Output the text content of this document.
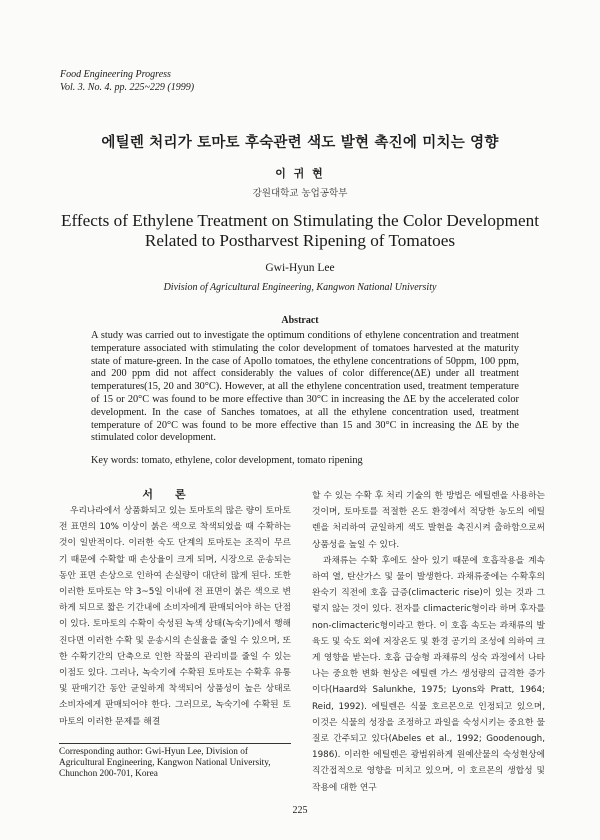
Food Engineering Progress
Vol. 3. No. 4. pp. 225~229 (1999)
에틸렌 처리가 토마토 후숙관련 색도 발현 촉진에 미치는 영향
이 귀 현
강원대학교 농업공학부
Effects of Ethylene Treatment on Stimulating the Color Development
Related to Postharvest Ripening of Tomatoes
Gwi-Hyun Lee
Division of Agricultural Engineering, Kangwon National University
Abstract
A study was carried out to investigate the optimum conditions of ethylene concentration and treatment temperature associated with stimulating the color development of tomatoes harvested at the maturity state of mature-green. In the case of Apollo tomatoes, the ethylene concentrations of 50ppm, 100 ppm, and 200 ppm did not affect considerably the values of color difference(ΔE) under all treatment temperatures(15, 20 and 30°C). However, at all the ethylene concentration used, treatment temperature of 15 or 20°C was found to be more effective than 30°C in increasing the ΔE by the accelerated color development. In the case of Sanches tomatoes, at all the ethylene concentration used, treatment temperature of 20°C was found to be more effective than 15 and 30°C in increasing the ΔE by the stimulated color development.
Key words: tomato, ethylene, color development, tomato ripening
서론

우리나라에서 상품화되고 있는 토마토의 많은 량이 토마토 전 표면의 10% 이상이 붉은 색으로 착색되었을 때 수확하는 것이 일반적이다. 이러한 숙도 단계의 토마토는 조직이 무르기 때문에 수확할 때 손상율이 크게 되며, 시장으로 운송되는 동안 표면 손상으로 인하여 손실량이 대단히 많게 된다. 또한 이러한 토마토는 약 3~5일 이내에 전 표면이 붉은 색으로 변하게 되므로 짧은 기간내에 소비자에게 판매되어야 하는 단점이 있다. 토마토의 수확이 숙성된 녹색 상태(녹숙기)에서 행해진다면 이러한 수확 및 운송시의 손실율을 줄일 수 있으며, 또한 수확기간의 단축으로 인한 작물의 관리비를 줄일 수 있는 이점도 있다. 그러나, 녹숙기에 수확된 토마토는 수확후 유통 및 판매기간 동안 균일하게 착색되어 상품성이 높은 상태로 소비자에게 판매되어야 한다. 그러므로, 녹숙기에 수확된 토마토의 이러한 문제를 해결

할 수 있는 수확 후 처리 기술의 한 방법은 에틸렌을 사용하는 것이며, 토마토를 적절한 온도 환경에서 적당한 농도의 에틸렌을 처리하여 균일하게 색도 발현을 촉진시켜 출하함으로써 상품성을 높일 수 있다.

과채류는 수확 후에도 살아 있기 때문에 호흡작용을 계속하여 열, 탄산가스 및 물이 발생한다. 과채류중에는 수확후의 완숙기 직전에 호흡 급증(climacteric rise)이 있는 것과 그렇지 않는 것이 있다. 전자를 climacteric형이라 하며 후자를 non-climacteric형이라고 한다. 이 호흡 속도는 과채류의 발육도 및 숙도 외에 저장온도 및 환경 공기의 조성에 의하여 크게 영향을 받는다. 호흡 급승형 과채류의 성숙 과정에서 나타나는 중요한 변화 현상은 에틸렌 가스 생성량의 급격한 증가이다(Haard와 Salunkhe, 1975; Lyons와 Pratt, 1964; Reid, 1992). 에틸렌은 식물 호르몬으로 인정되고 있으며, 이것은 식물의 성장을 조정하고 과일을 숙성시키는 중요한 물질로 간주되고 있다(Abeles et al., 1992; Goodenough, 1986). 이러한 에틸렌은 광범위하게 원예산물의 숙성현상에 직간접적으로 영향을 미치고 있으며, 이 호르몬의 생합성 및 작용에 대한 연구

Corresponding author: Gwi-Hyun Lee, Division of Agricultural Engineering, Kangwon National University, Chunchon 200-701, Korea
225
